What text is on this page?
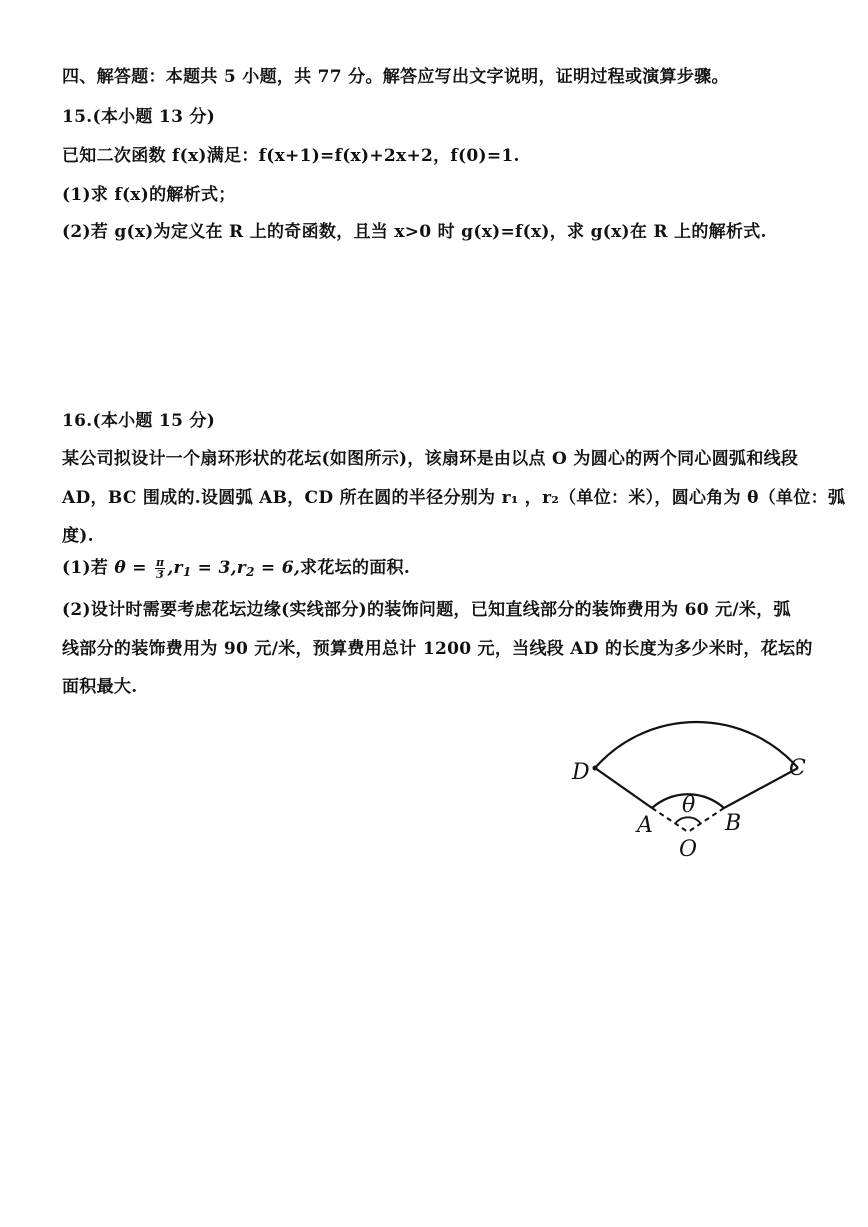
四、解答题：本题共 5 小题，共 77 分。解答应写出文字说明，证明过程或演算步骤。
15.(本小题 13 分)
已知二次函数 f(x)满足：f(x+1)=f(x)+2x+2，f(0)=1.
(1)求 f(x)的解析式；
(2)若 g(x)为定义在 R 上的奇函数，且当 x>0 时 g(x)=f(x)，求 g(x)在 R 上的解析式.
16.(本小题 15 分)
某公司拟设计一个扇环形状的花坛(如图所示)，该扇环是由以点 O 为圆心的两个同心圆弧和线段
AD，BC 围成的.设圆弧 AB，CD 所在圆的半径分别为 r₁ ，r₂（单位：米），圆心角为 θ（单位：弧
度).
(1)若 $\theta = \frac{\pi}{3} ,r_1 = 3,r_2 = 6$,求花坛的面积.
(2)设计时需要考虑花坛边缘(实线部分)的装饰问题，已知直线部分的装饰费用为 60 元/米，弧
线部分的装饰费用为 90 元/米，预算费用总计 1200 元，当线段 AD 的长度为多少米时，花坛的
面积最大.
D	C
A	B
O
θ
